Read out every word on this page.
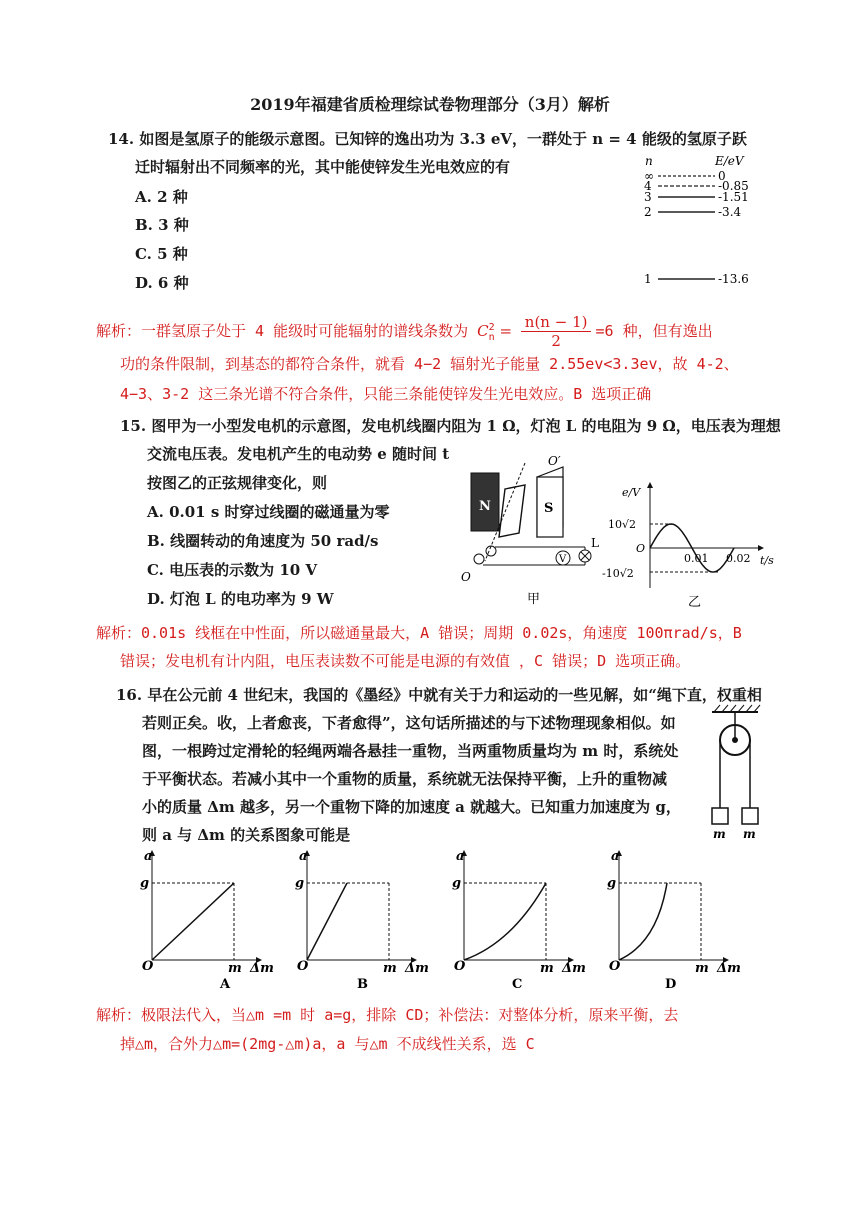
2019年福建省质检理综试卷物理部分（3月）解析
14. 如图是氢原子的能级示意图。已知锌的逸出功为 3.3 eV，一群处于 n = 4 能级的氢原子跃
迁时辐射出不同频率的光，其中能使锌发生光电效应的有
A. 2 种
B. 3 种
C. 5 种
D. 6 种
n	E/eV
∞	0
4	-0.85
3	-1.51
2	-3.4
1	-13.6
解析：一群氢原子处于 4 能级时可能辐射的谱线条数为 $C^2_n = \frac{n(n - 1)}{2} =6$ 种，但有逸出
功的条件限制，到基态的都符合条件，就看 4−2 辐射光子能量 2.55ev<3.3ev，故 4-2、
4−3、3-2 这三条光谱不符合条件，只能三条能使锌发生光电效应。B 选项正确
15. 图甲为一小型发电机的示意图，发电机线圈内阻为 1 Ω，灯泡 L 的电阻为 9 Ω，电压表为理想
交流电压表。发电机产生的电动势 e 随时间 t
按图乙的正弦规律变化，则
A. 0.01 s 时穿过线圈的磁通量为零
B. 线圈转动的角速度为 50 rad/s
C. 电压表的示数为 10 V
D. 灯泡 L 的电功率为 9 W
N	S
O′
O
V
L
甲
e/V
t/s
O
10√2
-10√2
0.01 0.02
乙
解析：0.01s 线框在中性面，所以磁通量最大，A 错误；周期 0.02s，角速度 100πrad/s，B
错误；发电机有计内阻，电压表读数不可能是电源的有效值 ，C 错误；D 选项正确。
16. 早在公元前 4 世纪末，我国的《墨经》中就有关于力和运动的一些见解，如“绳下直，权重相
若则正矣。收，上者愈丧，下者愈得”，这句话所描述的与下述物理现象相似。如
图，一根跨过定滑轮的轻绳两端各悬挂一重物，当两重物质量均为 m 时，系统处
于平衡状态。若减小其中一个重物的质量，系统就无法保持平衡，上升的重物减
小的质量 Δm 越多，另一个重物下降的加速度 a 就越大。已知重力加速度为 g，
则 a 与 Δm 的关系图象可能是	m m
a
g
O	m Δm
A
a
g
O	m Δm
B
a
g
O	m Δm
C
a
g
O	m Δm
D
解析：极限法代入，当△m =m 时 a=g，排除 CD；补偿法：对整体分析，原来平衡，去
掉△m，合外力△m=(2mg-△m)a，a 与△m 不成线性关系，选 C
